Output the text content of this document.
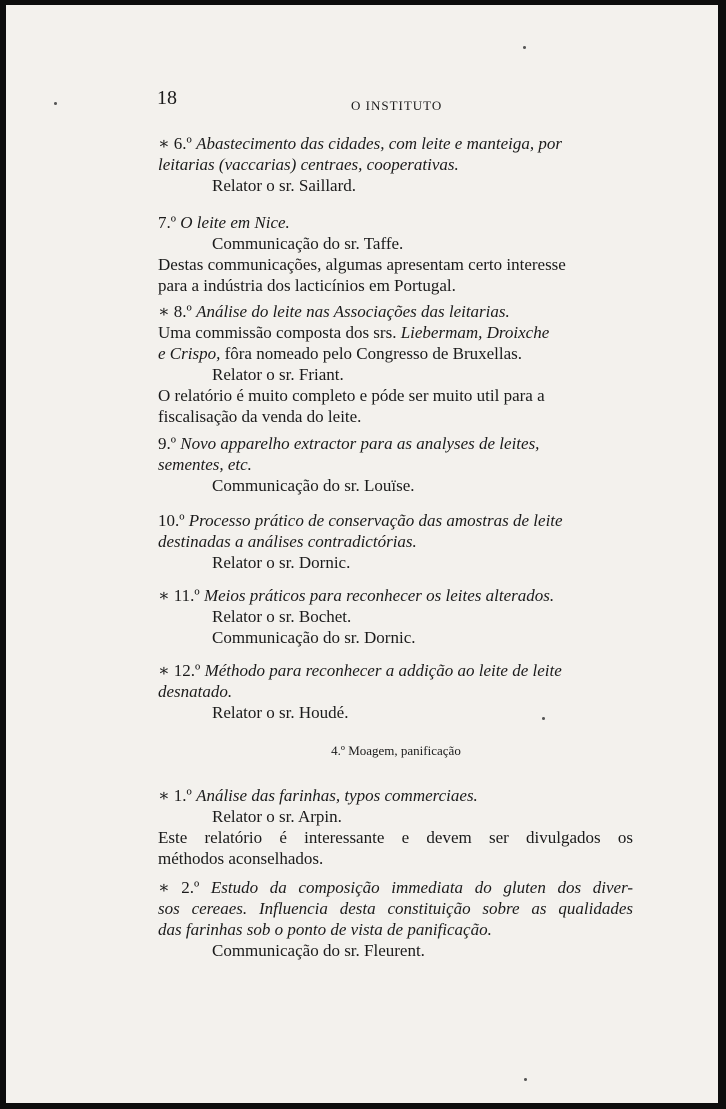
18	O INSTITUTO

∗ 6.º Abastecimento das cidades, com leite e manteiga, por

leitarias (vaccarias) centraes, cooperativas.

Relator o sr. Saillard.

7.º O leite em Nice.

Communicação do sr. Taffe.

Destas communicações, algumas apresentam certo interesse

para a indústria dos lacticínios em Portugal.

∗ 8.º Análise do leite nas Associações das leitarias.

Uma commissão composta dos srs. Liebermam, Droixche

e Crispo, fôra nomeado pelo Congresso de Bruxellas.

Relator o sr. Friant.

O relatório é muito completo e póde ser muito util para a

fiscalisação da venda do leite.

9.º Novo apparelho extractor para as analyses de leites,

sementes, etc.

Communicação do sr. Louïse.

10.º Processo prático de conservação das amostras de leite

destinadas a análises contradictórias.

Relator o sr. Dornic.

∗ 11.º Meios práticos para reconhecer os leites alterados.

Relator o sr. Bochet.

Communicação do sr. Dornic.

∗ 12.º Méthodo para reconhecer a addição ao leite de leite

desnatado.

Relator o sr. Houdé.

4.º Moagem, panificação

∗ 1.º Análise das farinhas, typos commerciaes.

Relator o sr. Arpin.

Este relatório é interessante e devem ser divulgados os

méthodos aconselhados.

∗ 2.º Estudo da composição immediata do gluten dos diver-

sos cereaes. Influencia desta constituição sobre as qualidades

das farinhas sob o ponto de vista de panificação.

Communicação do sr. Fleurent.
